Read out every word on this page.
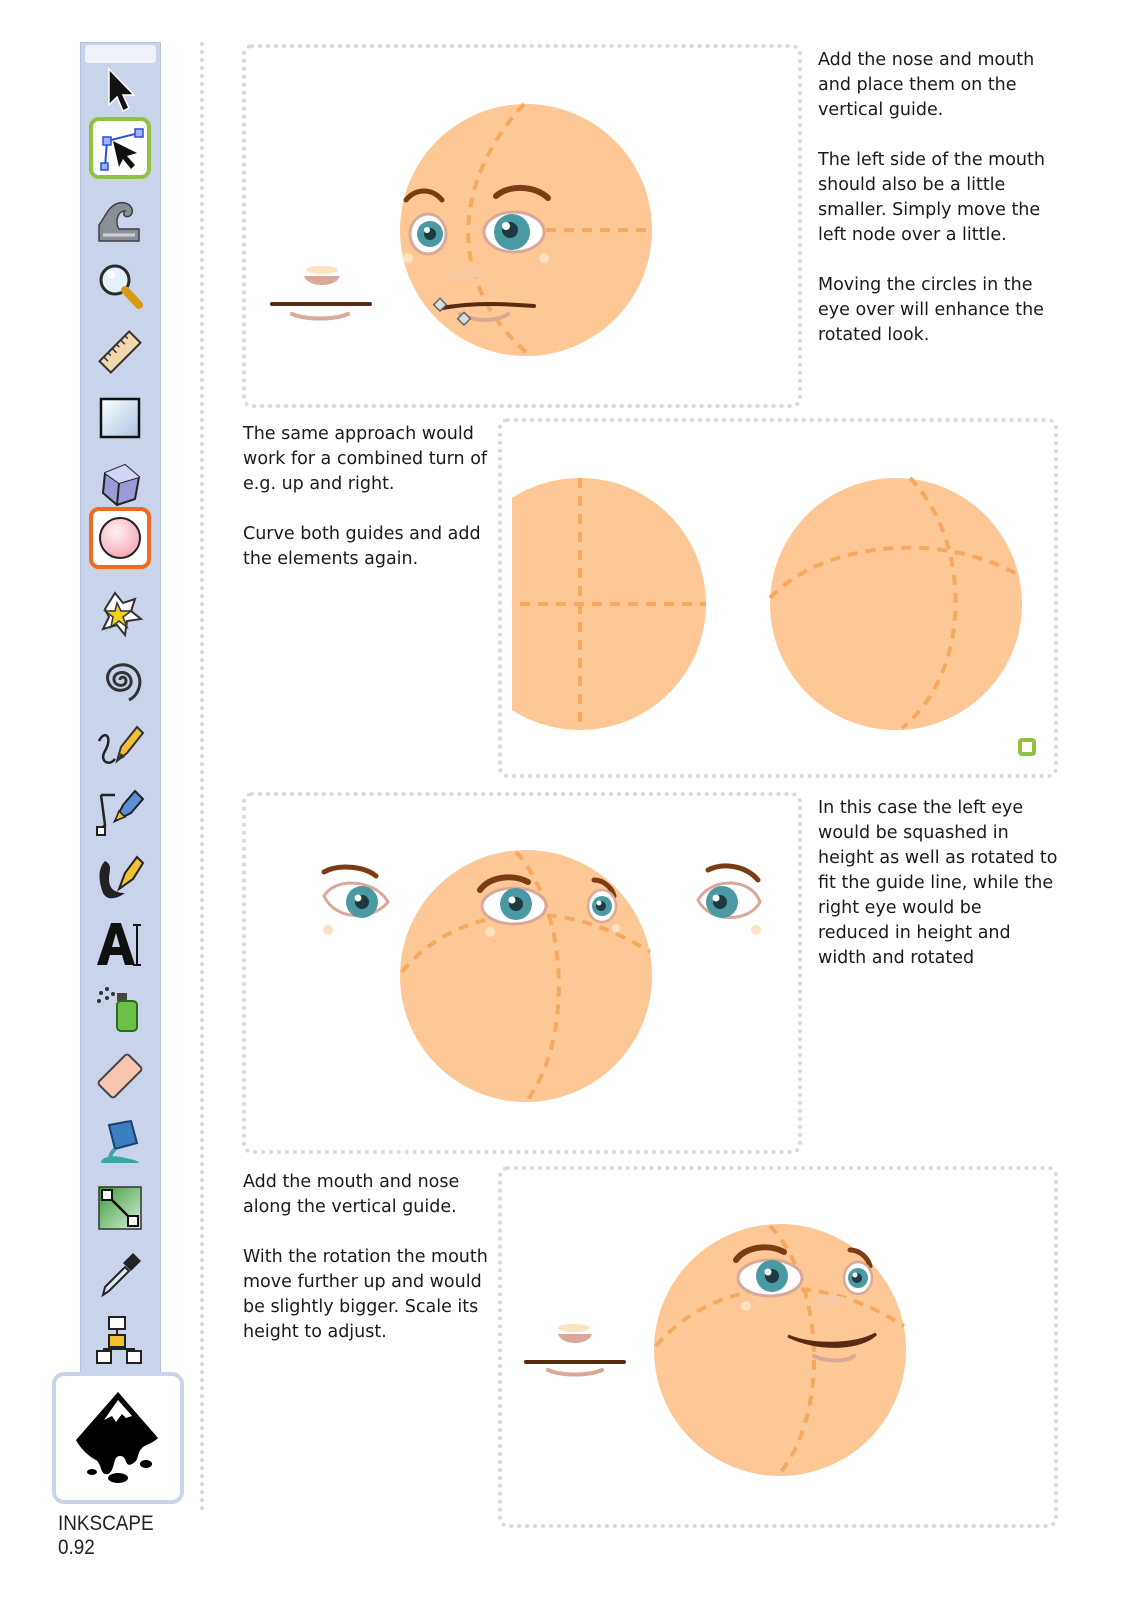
INKSCAPE 0.92

Add the nose and mouth and place them on the vertical guide.

The left side of the mouth should also be a little smaller. Simply move the left node over a little.

Moving the circles in the eye over will enhance the rotated look.

The same approach would work for a combined turn of e.g. up and right.

Curve both guides and add the elements again.

In this case the left eye would be squashed in height as well as rotated to fit the guide line, while the right eye would be reduced in height and width and rotated

Add the mouth and nose along the vertical guide.

With the rotation the mouth move further up and would be slightly bigger. Scale its height to adjust.
